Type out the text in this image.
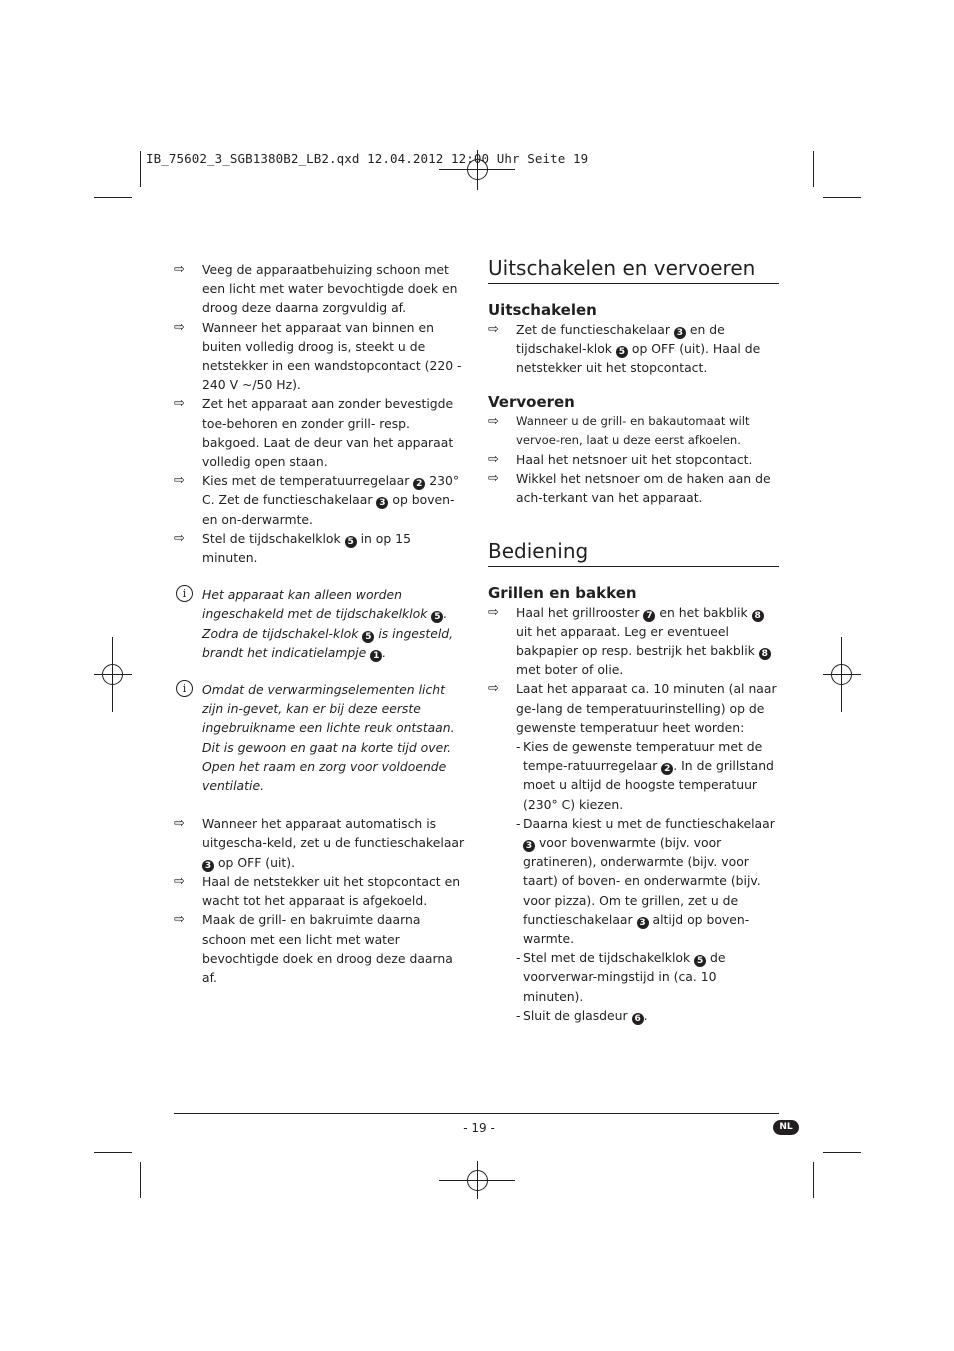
IB_75602_3_SGB1380B2_LB2.qxd 12.04.2012 12:00 Uhr Seite 19
⇨ Veeg de apparaatbehuizing schoon met een licht met water bevochtigde doek en droog deze daarna zorgvuldig af.
⇨ Wanneer het apparaat van binnen en buiten volledig droog is, steekt u de netstekker in een wandstopcontact (220 - 240 V ~/50 Hz).
⇨ Zet het apparaat aan zonder bevestigde toe-behoren en zonder grill- resp. bakgoed. Laat de deur van het apparaat volledig open staan.
⇨ Kies met de temperatuurregelaar 2 230° C. Zet de functieschakelaar 3 op boven- en on-derwarmte.
⇨ Stel de tijdschakelklok 5 in op 15 minuten.
i	Het apparaat kan alleen worden ingeschakeld met de tijdschakelklok 5 . Zodra de tijdschakel-klok 5 is ingesteld, brandt het indicatielampje 1 .
i	Omdat de verwarmingselementen licht zijn in-gevet, kan er bij deze eerste ingebruikname een lichte reuk ontstaan. Dit is gewoon en gaat na korte tijd over. Open het raam en zorg voor voldoende ventilatie.
⇨ Wanneer het apparaat automatisch is uitgescha-keld, zet u de functieschakelaar 3 op OFF (uit).
⇨ Haal de netstekker uit het stopcontact en wacht tot het apparaat is afgekoeld.
⇨ Maak de grill- en bakruimte daarna schoon met een licht met water bevochtigde doek en droog deze daarna af.
Uitschakelen en vervoeren
Uitschakelen
⇨ Zet de functieschakelaar 3 en de tijdschakel-klok 5 op OFF (uit). Haal de netstekker uit het stopcontact.
Vervoeren
⇨ Wanneer u de grill- en bakautomaat wilt vervoe-ren, laat u deze eerst afkoelen.
⇨ Haal het netsnoer uit het stopcontact.
⇨ Wikkel het netsnoer om de haken aan de ach-terkant van het apparaat.
Bediening
Grillen en bakken
⇨ Haal het grillrooster 7 en het bakblik 8 uit het apparaat. Leg er eventueel bakpapier op resp. bestrijk het bakblik 8 met boter of olie.
⇨ Laat het apparaat ca. 10 minuten (al naar ge-lang de temperatuurinstelling) op de gewenste temperatuur heet worden:
- Kies de gewenste temperatuur met de tempe-ratuurregelaar 2 . In de grillstand moet u altijd de hoogste temperatuur (230° C) kiezen.
- Daarna kiest u met de functieschakelaar 3 voor bovenwarmte (bijv. voor gratineren), onderwarmte (bijv. voor taart) of boven- en onderwarmte (bijv. voor pizza). Om te grillen, zet u de functieschakelaar 3 altijd op boven-warmte.
- Stel met de tijdschakelklok 5 de voorverwar-mingstijd in (ca. 10 minuten).
- Sluit de glasdeur 6 .
- 19 -	NL
